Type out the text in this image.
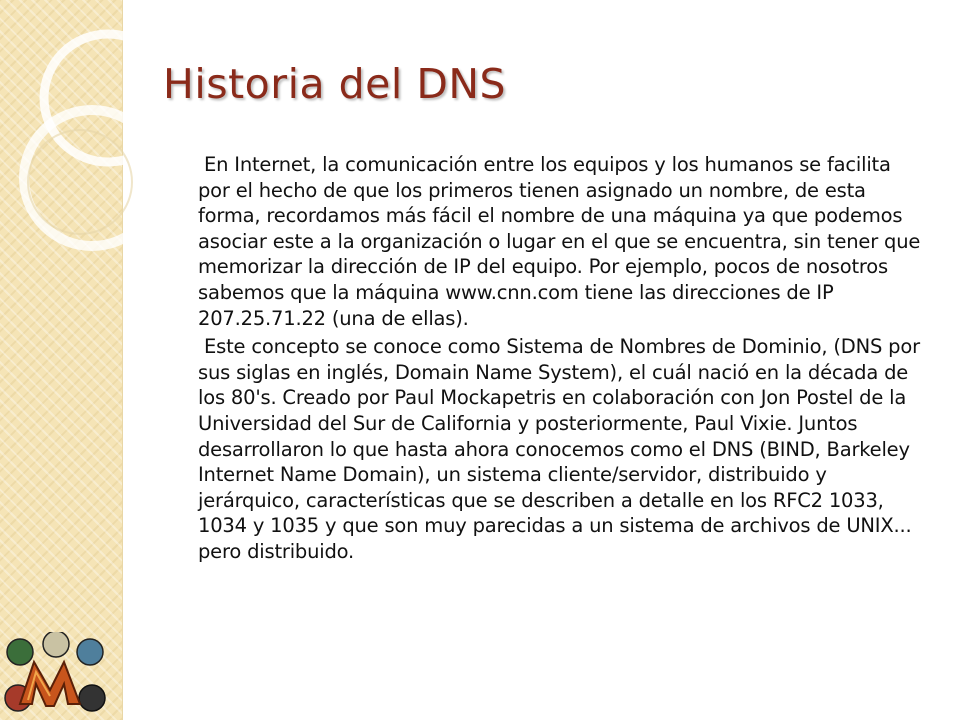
Historia del DNS

En Internet, la comunicación entre los equipos y los humanos se facilita por el hecho de que los primeros tienen asignado un nombre, de esta forma, recordamos más fácil el nombre de una máquina ya que podemos asociar este a la organización o lugar en el que se encuentra, sin tener que memorizar la dirección de IP del equipo. Por ejemplo, pocos de nosotros sabemos que la máquina www.cnn.com tiene las direcciones de IP 207.25.71.22 (una de ellas).

Este concepto se conoce como Sistema de Nombres de Dominio, (DNS por sus siglas en inglés, Domain Name System), el cuál nació en la década de los 80's. Creado por Paul Mockapetris en colaboración con Jon Postel de la Universidad del Sur de California y posteriormente, Paul Vixie. Juntos desarrollaron lo que hasta ahora conocemos como el DNS (BIND, Barkeley Internet Name Domain), un sistema cliente/servidor, distribuido y jerárquico, características que se describen a detalle en los RFC2 1033, 1034 y 1035 y que son muy parecidas a un sistema de archivos de UNIX... pero distribuido.
